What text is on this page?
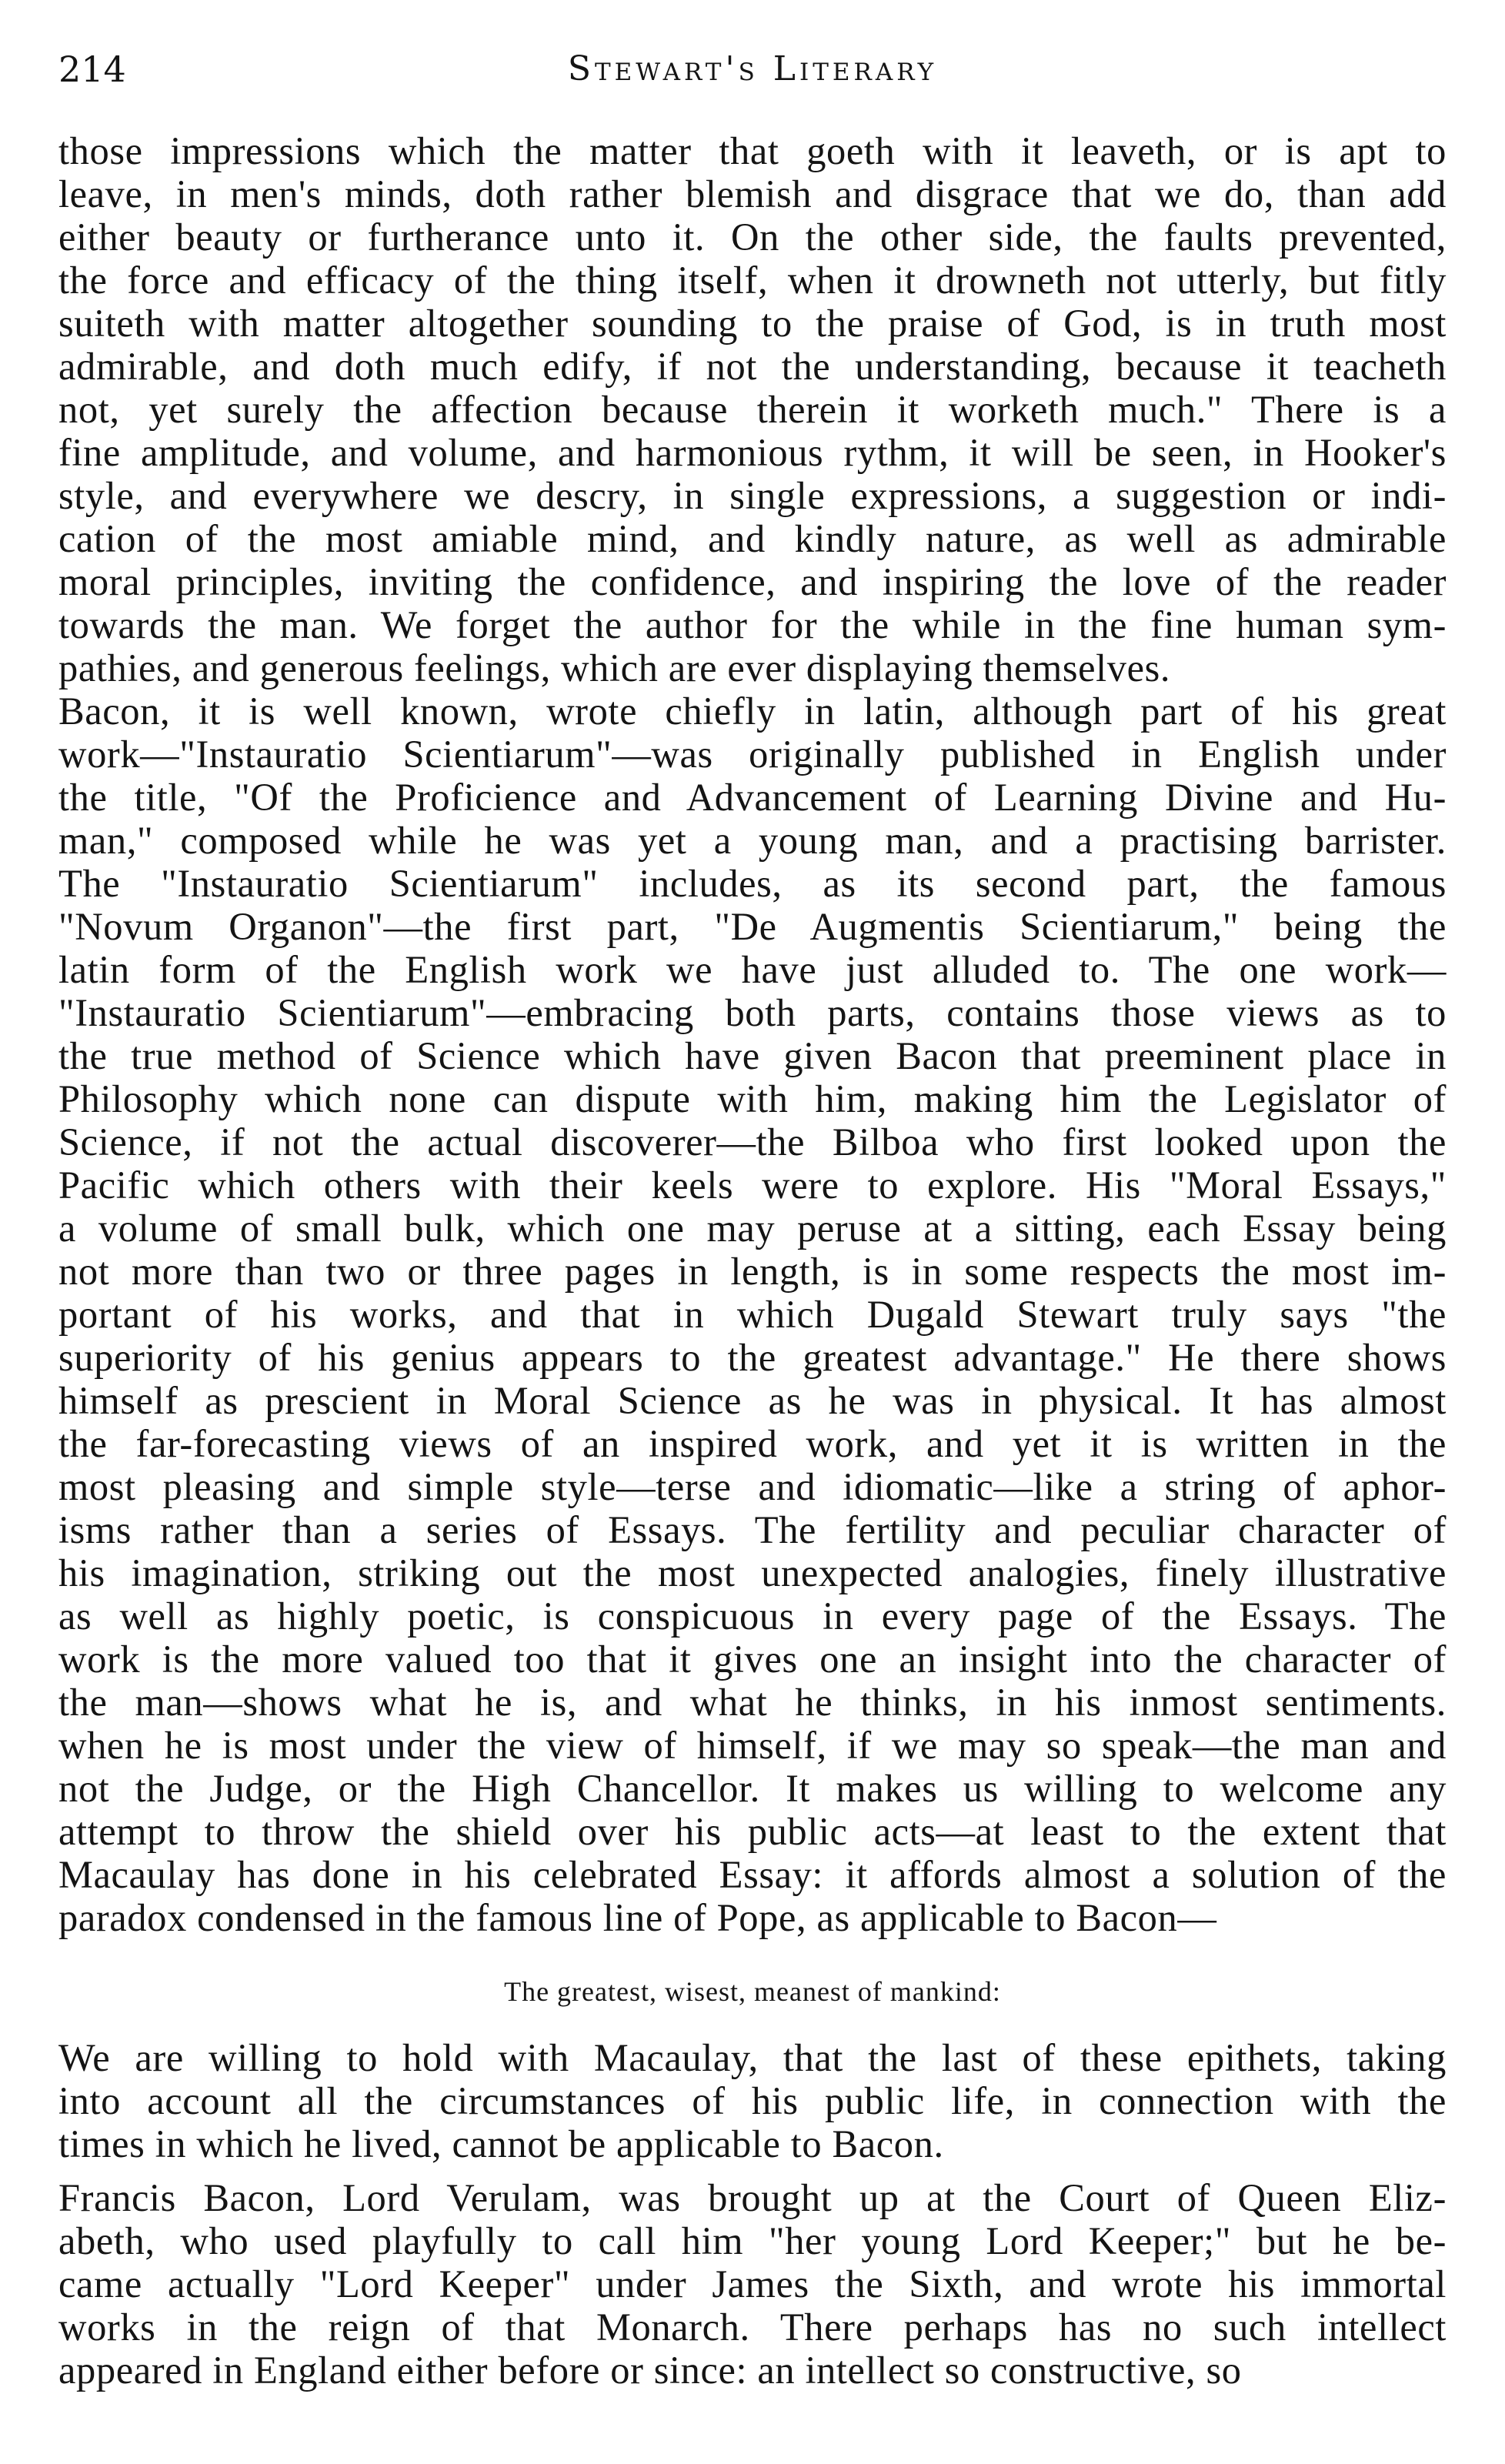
214	Stewart's Literary
those impressions which the matter that goeth with it leaveth, or is apt to
leave, in men's minds, doth rather blemish and disgrace that we do, than add
either beauty or furtherance unto it. On the other side, the faults prevented,
the force and efficacy of the thing itself, when it drowneth not utterly, but fitly
suiteth with matter altogether sounding to the praise of God, is in truth most
admirable, and doth much edify, if not the understanding, because it teacheth
not, yet surely the affection because therein it worketh much." There is a
fine amplitude, and volume, and harmonious rythm, it will be seen, in Hooker's
style, and everywhere we descry, in single expressions, a suggestion or indi-
cation of the most amiable mind, and kindly nature, as well as admirable
moral principles, inviting the confidence, and inspiring the love of the reader
towards the man. We forget the author for the while in the fine human sym-
pathies, and generous feelings, which are ever displaying themselves.
Bacon, it is well known, wrote chiefly in latin, although part of his great
work—"Instauratio Scientiarum"—was originally published in English under
the title, "Of the Proficience and Advancement of Learning Divine and Hu-
man," composed while he was yet a young man, and a practising barrister.
The "Instauratio Scientiarum" includes, as its second part, the famous
"Novum Organon"—the first part, "De Augmentis Scientiarum," being the
latin form of the English work we have just alluded to. The one work—
"Instauratio Scientiarum"—embracing both parts, contains those views as to
the true method of Science which have given Bacon that preeminent place in
Philosophy which none can dispute with him, making him the Legislator of
Science, if not the actual discoverer—the Bilboa who first looked upon the
Pacific which others with their keels were to explore. His "Moral Essays,"
a volume of small bulk, which one may peruse at a sitting, each Essay being
not more than two or three pages in length, is in some respects the most im-
portant of his works, and that in which Dugald Stewart truly says "the
superiority of his genius appears to the greatest advantage." He there shows
himself as prescient in Moral Science as he was in physical. It has almost
the far-forecasting views of an inspired work, and yet it is written in the
most pleasing and simple style—terse and idiomatic—like a string of aphor-
isms rather than a series of Essays. The fertility and peculiar character of
his imagination, striking out the most unexpected analogies, finely illustrative
as well as highly poetic, is conspicuous in every page of the Essays. The
work is the more valued too that it gives one an insight into the character of
the man—shows what he is, and what he thinks, in his inmost sentiments.
when he is most under the view of himself, if we may so speak—the man and
not the Judge, or the High Chancellor. It makes us willing to welcome any
attempt to throw the shield over his public acts—at least to the extent that
Macaulay has done in his celebrated Essay: it affords almost a solution of the
paradox condensed in the famous line of Pope, as applicable to Bacon—
The greatest, wisest, meanest of mankind:
We are willing to hold with Macaulay, that the last of these epithets, taking
into account all the circumstances of his public life, in connection with the
times in which he lived, cannot be applicable to Bacon.
Francis Bacon, Lord Verulam, was brought up at the Court of Queen Eliz-
abeth, who used playfully to call him "her young Lord Keeper;" but he be-
came actually "Lord Keeper" under James the Sixth, and wrote his immortal
works in the reign of that Monarch. There perhaps has no such intellect
appeared in England either before or since: an intellect so constructive, so
